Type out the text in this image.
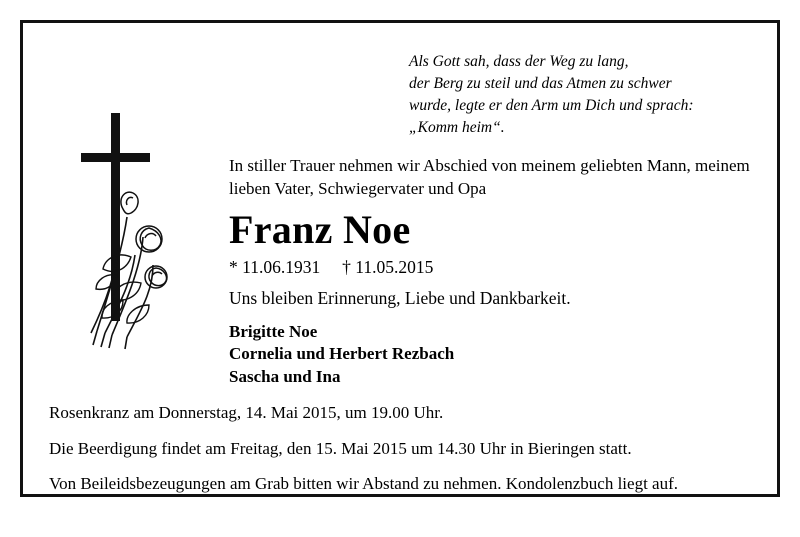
Als Gott sah, dass der Weg zu lang,
der Berg zu steil und das Atmen zu schwer
wurde, legte er den Arm um Dich und sprach:
„Komm heim“.
In stiller Trauer nehmen wir Abschied von meinem geliebten Mann, meinem lieben Vater, Schwiegervater und Opa
Franz Noe
* 11.06.1931     † 11.05.2015
Uns bleiben Erinnerung, Liebe und Dankbarkeit.
Brigitte Noe
Cornelia und Herbert Rezbach
Sascha und Ina

Rosenkranz am Donnerstag, 14. Mai 2015, um 19.00 Uhr.

Die Beerdigung findet am Freitag, den 15. Mai 2015 um 14.30 Uhr in Bieringen statt.

Von Beileidsbezeugungen am Grab bitten wir Abstand zu nehmen. Kondolenzbuch liegt auf.
